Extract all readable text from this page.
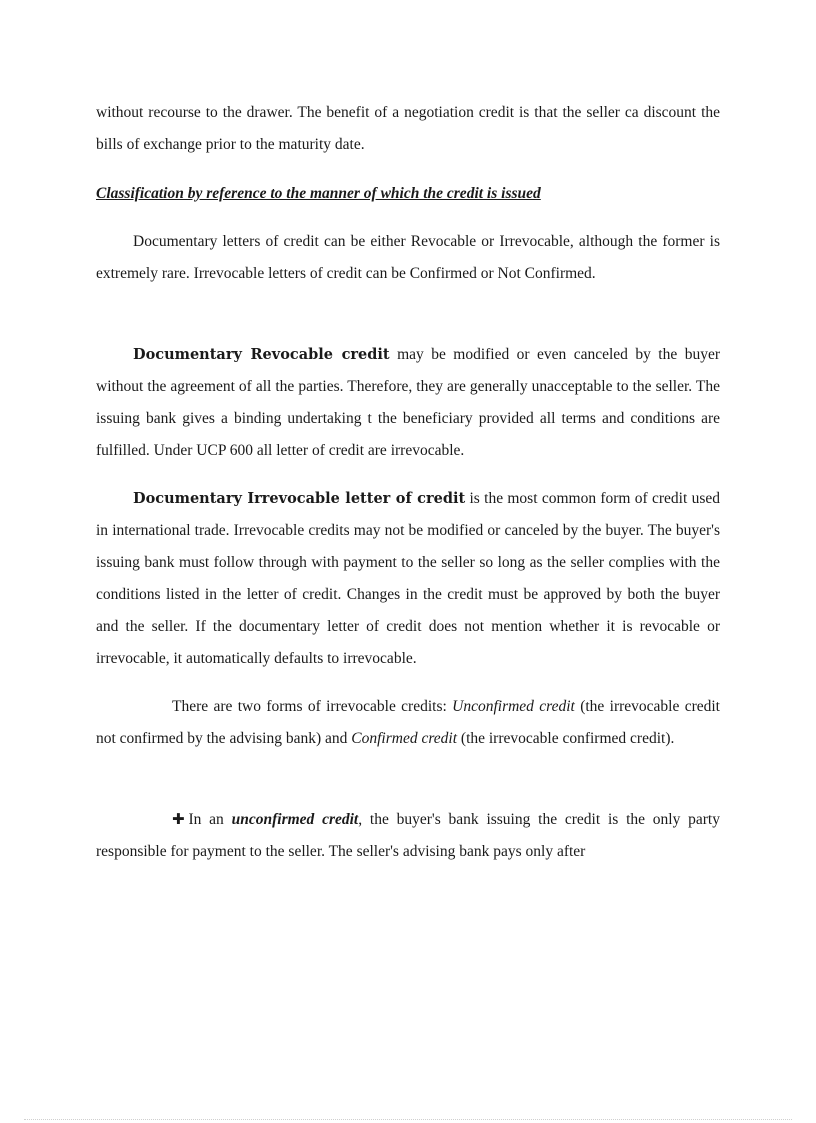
without recourse to the drawer. The benefit of a negotiation credit is that the seller ca discount the bills of exchange prior to the maturity date.

Classification by reference to the manner of which the credit is issued

Documentary letters of credit can be either Revocable or Irrevocable, although the former is extremely rare. Irrevocable letters of credit can be Confirmed or Not Confirmed.

Documentary Revocable credit may be modified or even canceled by the buyer without the agreement of all the parties. Therefore, they are generally unacceptable to the seller. The issuing bank gives a binding undertaking t the beneficiary provided all terms and conditions are fulfilled. Under UCP 600 all letter of credit are irrevocable.

Documentary Irrevocable letter of credit is the most common form of credit used in international trade. Irrevocable credits may not be modified or canceled by the buyer. The buyer's issuing bank must follow through with payment to the seller so long as the seller complies with the conditions listed in the letter of credit. Changes in the credit must be approved by both the buyer and the seller. If the documentary letter of credit does not mention whether it is revocable or irrevocable, it automatically defaults to irrevocable.

There are two forms of irrevocable credits: Unconfirmed credit (the irrevocable credit not confirmed by the advising bank) and Confirmed credit (the irrevocable confirmed credit).

✚In an unconfirmed credit, the buyer's bank issuing the credit is the only party responsible for payment to the seller. The seller's advising bank pays only after
